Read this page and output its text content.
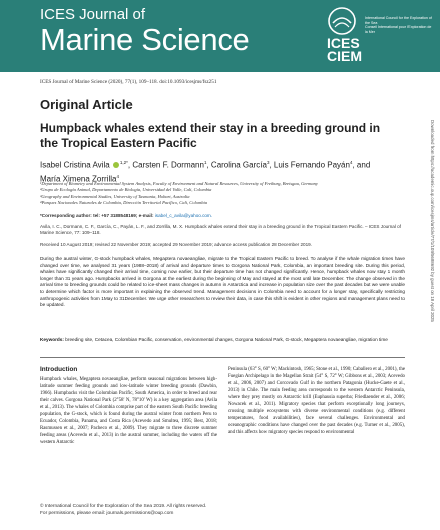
ICES Journal of
Marine Science	ICES
CIEM
International Council for the Exploration of the Sea
Conseil International pour l'Exploration de la Mer
ICES Journal of Marine Science (2020), 77(1), 109–118. doi:10.1093/icesjms/fsz251
Original Article
Humpback whales extend their stay in a breeding ground in the Tropical Eastern Pacific
Isabel Cristina Avila $^{1,2*}$, Carsten F. Dormann$^1$, Carolina García$^3$, Luis Fernando Payán$^4$, and
María Ximena Zorrilla$^4$
¹Department of Biometry and Environmental System Analysis, Faculty of Environment and Natural Resources, University of Freiburg, Breisgau, Germany
²Grupo de Ecología Animal, Departamento de Biología, Universidad del Valle, Cali, Colombia
³Geography and Environmental Studies, University of Tasmania, Hobart, Australia
⁴Parques Nacionales Naturales de Colombia, Dirección Territorial Pacífico, Cali, Colombia
*Corresponding author: tel: +57 3188548169; e-mail: isabel_c_avila@yahoo.com.
Avila, I. C., Dormann, C. F., García, C., Payán, L. F., and Zorrilla, M. X. Humpback whales extend their stay in a breeding ground in the Tropical Eastern Pacific. – ICES Journal of Marine Science, 77: 109–118.
Received 10 August 2019; revised 22 November 2019; accepted 29 November 2019; advance access publication 28 December 2019.
During the austral winter, G-stock humpback whales, Megaptera novaeangliae, migrate to the Tropical Eastern Pacific to breed. To analyse if the whale migration times have changed over time, we analysed 31 years (1988–2018) of arrival and departure times to Gorgona National Park, Colombia, an important breeding site. During this period, whales have significantly changed their arrival time, coming now earlier, but their departure time has not changed significantly. Hence, humpback whales now stay 1 month longer than 31 years ago. Humpbacks arrived in Gorgona at the earliest during the beginning of May and stayed at the most until late December. The change observed in the arrival time to breeding grounds could be related to ice-sheet mass changes in autumn in Antarctica and increase in population size over the past decades but we were unable to determine which factor is more important in explaining the observed trend. Management decisions in Colombia need to account for a longer stay, specifically restricting anthropogenic activities from 1May to 31December. We urge other researchers to review their data, in case this shift is evident in other regions and management plans need to be updated.
Keywords: breeding site, Cetacea, Colombian Pacific, conservation, environmental changes, Gorgona National Park, G-stock, Megaptera novaeangliae, migration time
Introduction
Humpback whales, Megaptera novaeangliae, perform seasonal migrations between high-latitude summer feeding grounds and low-latitude winter breeding grounds (Dawbin, 1966). Humpbacks visit the Colombian Pacific, South America, in order to breed and rear their calves. Gorgona National Park (2°58' N, 78°10' W) is a key aggregation area (Avila et al., 2013). The whales of Colombia comprise part of the eastern South Pacific breeding population, the G-stock, which is found during the austral winter from northern Peru to Ecuador, Colombia, Panama, and Costa Rica (Acevedo and Smultea, 1995; Best, 2018; Rasmussen et al., 2007; Pacheco et al., 2009). They migrate to three discrete summer feeding areas (Acevedo et al., 2013) in the austral summer, including the waters off the western Antarctic
Peninsula (63° S, 60° W; Mackintosh, 1965; Stone et al., 1990; Caballero et al., 2001), the Fuegian Archipelago in the Magellan Strait (54° S, 72° W; Gibbons et al., 2003; Acevedo et al., 2006, 2007) and Corcovado Gulf in the northern Patagonia (Hucke-Gaete et al., 2013) in Chile. The main feeding area corresponds to the western Antarctic Peninsula, where they prey mostly on Antarctic krill (Euphausia superba; Friedlaender et al., 2006; Nowacek et al., 2011). Migratory species that perform exceptionally long journeys, crossing multiple ecosystems with diverse environmental conditions (e.g. different temperatures, food availabilities), face several challenges. Environmental and oceanographic conditions have changed over the past decades (e.g. Turner et al., 2005), and this affects how migratory species respond to environmental
© International Council for the Exploration of the Sea 2019. All rights reserved.
For permissions, please email: journals.permissions@oup.com
Downloaded from https://academic.oup.com/icesjms/article/77/1/109/5688692 by guest on 18 April 2025
